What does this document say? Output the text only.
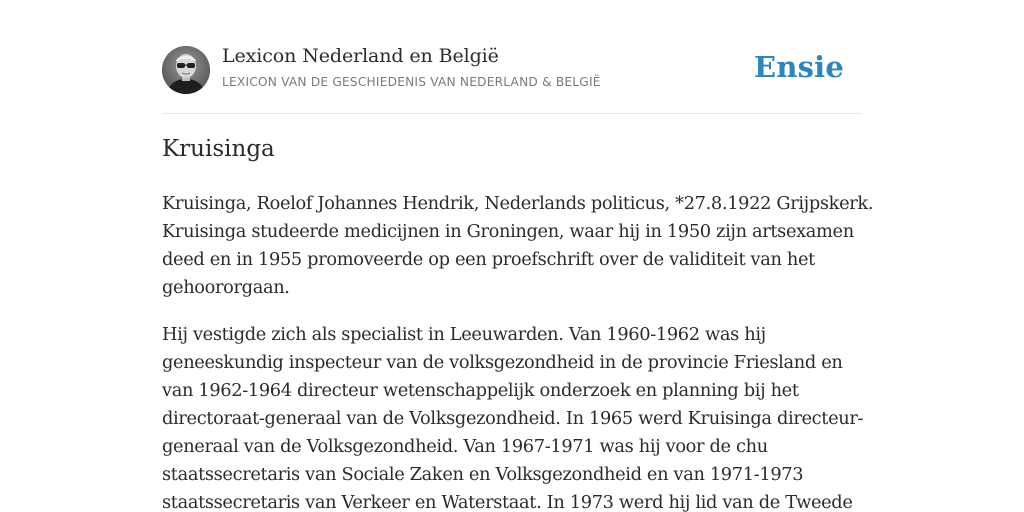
Lexicon Nederland en België
LEXICON VAN DE GESCHIEDENIS VAN NEDERLAND & BELGIË	Ensie
Kruisinga

Kruisinga, Roelof Johannes Hendrik, Nederlands politicus, *27.8.1922 Grijpskerk.
Kruisinga studeerde medicijnen in Groningen, waar hij in 1950 zijn artsexamen
deed en in 1955 promoveerde op een proefschrift over de validiteit van het
gehoororgaan.

Hij vestigde zich als specialist in Leeuwarden. Van 1960-1962 was hij
geneeskundig inspecteur van de volksgezondheid in de provincie Friesland en
van 1962-1964 directeur wetenschappelijk onderzoek en planning bij het
directoraat-generaal van de Volksgezondheid. In 1965 werd Kruisinga directeur-
generaal van de Volksgezondheid. Van 1967-1971 was hij voor de chu
staatssecretaris van Sociale Zaken en Volksgezondheid en van 1971-1973
staatssecretaris van Verkeer en Waterstaat. In 1973 werd hij lid van de Tweede
